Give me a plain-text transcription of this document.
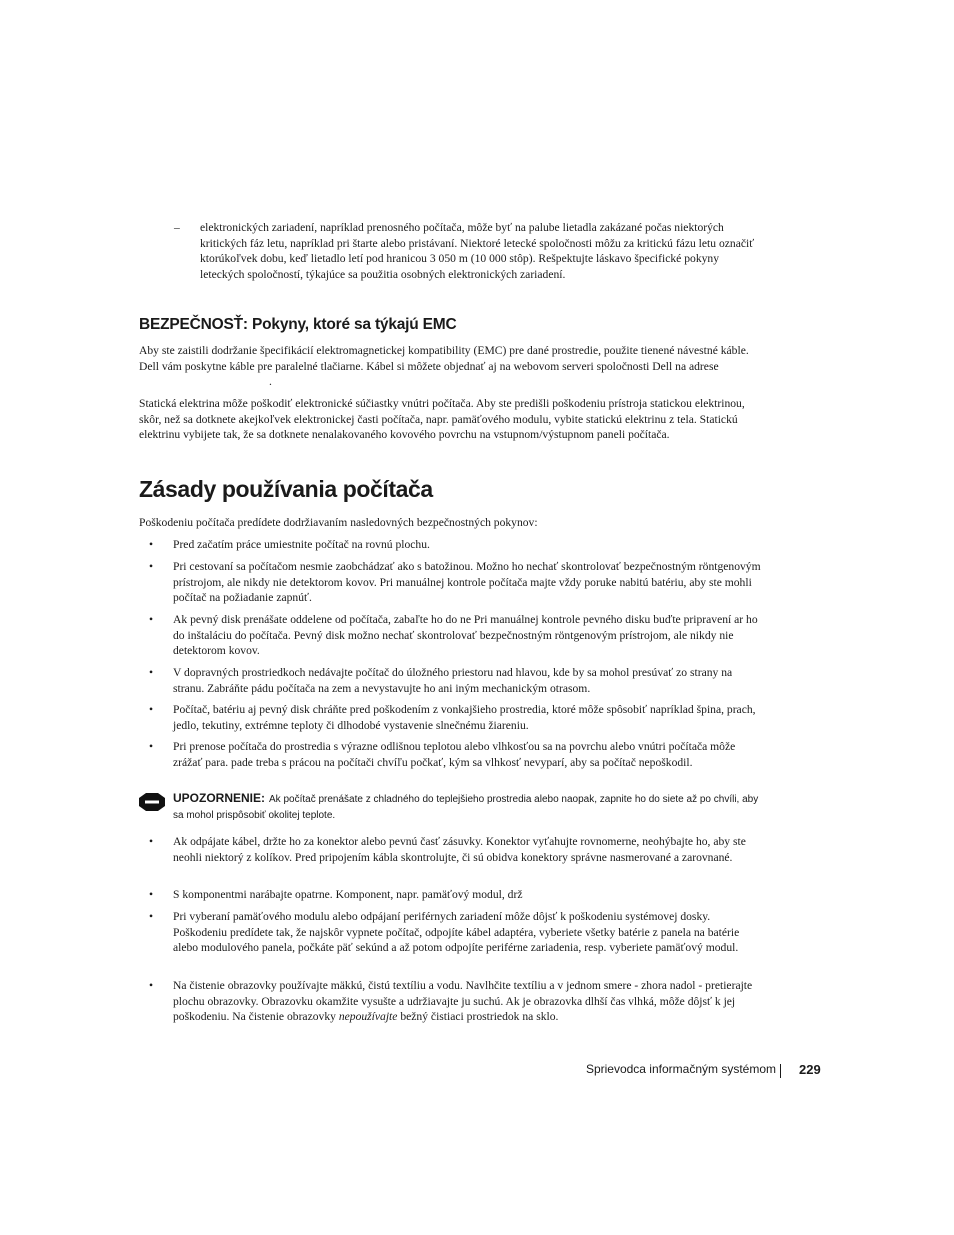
– elektronických zariadení, napríklad prenosného počítača, môže byť na palube lietadla zakázané počas niektorých kritických fáz letu, napríklad pri štarte alebo pristávaní. Niektoré letecké spoločnosti môžu za kritickú fázu letu označiť ktorúkoľvek dobu, keď lietadlo letí pod hranicou 3 050 m (10 000 stôp). Rešpektujte láskavo špecifické pokyny leteckých spoločností, týkajúce sa použitia osobných elektronických zariadení.
BEZPEČNOSŤ: Pokyny, ktoré sa týkajú EMC

Aby ste zaistili dodržanie špecifikácií elektromagnetickej kompatibility (EMC) pre dané prostredie, použite tienené návestné káble. Dell vám poskytne káble pre paralelné tlačiarne. Kábel si môžete objednať aj na webovom serveri spoločnosti Dell na adrese.

Statická elektrina môže poškodiť elektronické súčiastky vnútri počítača. Aby ste predišli poškodeniu prístroja statickou elektrinou, skôr, než sa dotknete akejkoľvek elektronickej časti počítača, napr. pamäťového modulu, vybite statickú elektrinu z tela. Statickú elektrinu vybijete tak, že sa dotknete nenalakovaného kovového povrchu na vstupnom/výstupnom paneli počítača.

Zásady používania počítača

Poškodeniu počítača predídete dodržiavaním nasledovných bezpečnostných pokynov:

• Pred začatím práce umiestnite počítač na rovnú plochu.
• Pri cestovaní sa počítačom nesmie zaobchádzať ako s batožinou. Možno ho nechať skontrolovať bezpečnostným röntgenovým prístrojom, ale nikdy nie detektorom kovov. Pri manuálnej kontrole počítača majte vždy poruke nabitú batériu, aby ste mohli počítač na požiadanie zapnúť.
• Ak pevný disk prenášate oddelene od počítača, zabaľte ho do ne Pri manuálnej kontrole pevného disku buďte pripravení ar ho do inštaláciu do počítača. Pevný disk možno nechať skontrolovať bezpečnostným röntgenovým prístrojom, ale nikdy nie detektorom kovov.
• V dopravných prostriedkoch nedávajte počítač do úložného priestoru nad hlavou, kde by sa mohol presúvať zo strany na stranu. Zabráňte pádu počítača na zem a nevystavujte ho ani iným mechanickým otrasom.
• Počítač, batériu aj pevný disk chráňte pred poškodením z vonkajšieho prostredia, ktoré môže spôsobiť napríklad špina, prach, jedlo, tekutiny, extrémne teploty či dlhodobé vystavenie slnečnému žiareniu.
• Pri prenose počítača do prostredia s výrazne odlišnou teplotou alebo vlhkosťou sa na povrchu alebo vnútri počítača môže zrážať para. pade treba s prácou na počítači chvíľu počkať, kým sa vlhkosť nevyparí, aby sa počítač nepoškodil.
UPOZORNENIE: Ak počítač prenášate z chladného do teplejšieho prostredia alebo naopak, zapnite ho do siete až po chvíli, aby sa mohol prispôsobiť okolitej teplote.
• Ak odpájate kábel, držte ho za konektor alebo pevnú časť zásuvky. Konektor vyťahujte rovnomerne, neohýbajte ho, aby ste neohli niektorý z kolíkov. Pred pripojením kábla skontrolujte, či sú obidva konektory správne nasmerované a zarovnané.
• S komponentmi narábajte opatrne. Komponent, napr. pamäťový modul, drž
• Pri vyberaní pamäťového modulu alebo odpájaní periférnych zariadení môže dôjsť k poškodeniu systémovej dosky. Poškodeniu predídete tak, že najskôr vypnete počítač, odpojíte kábel adaptéra, vyberiete všetky batérie z panela na batérie alebo modulového panela, počkáte päť sekúnd a až potom odpojíte periférne zariadenia, resp. vyberiete pamäťový modul.
• Na čistenie obrazovky používajte mäkkú, čistú textíliu a vodu. Navlhčite textíliu a v jednom smere - zhora nadol - pretierajte plochu obrazovky. Obrazovku okamžite vysušte a udržiavajte ju suchú. Ak je obrazovka dlhší čas vlhká, môže dôjsť k jej poškodeniu. Na čistenie obrazovky nepoužívajte bežný čistiaci prostriedok na sklo.
Sprievodca informačným systémom 229
